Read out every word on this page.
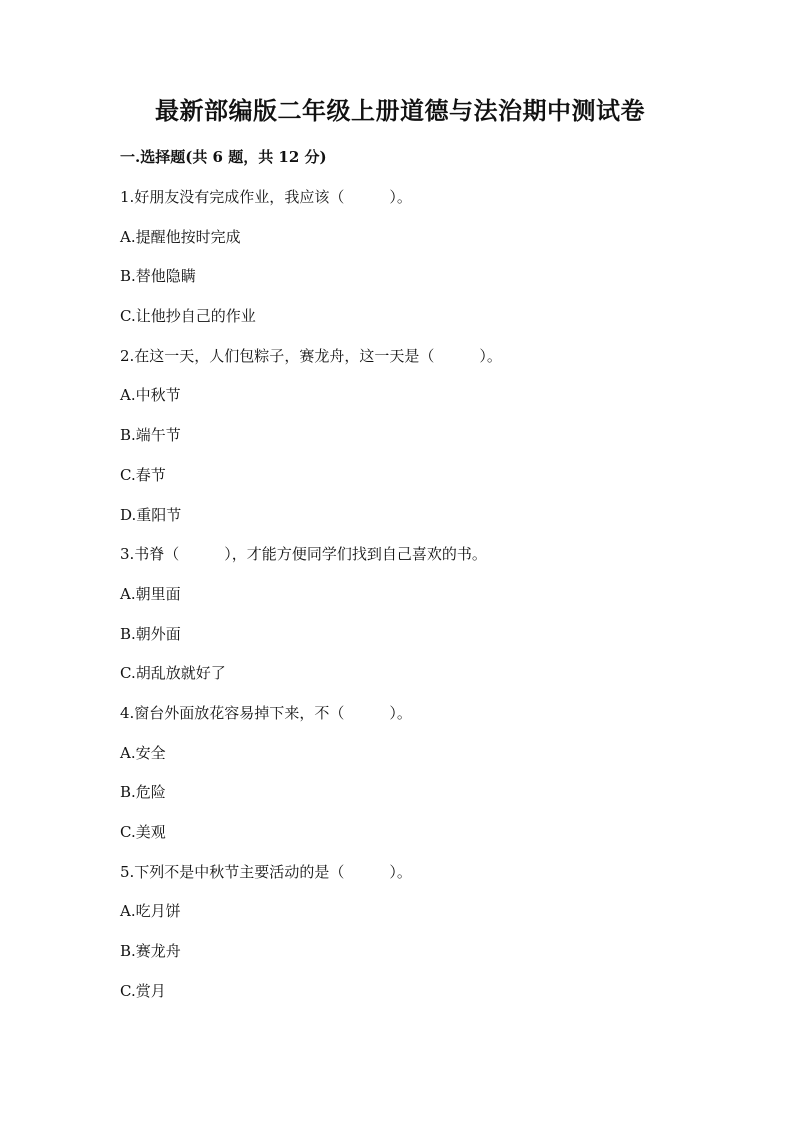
最新部编版二年级上册道德与法治期中测试卷
一.选择题(共 6 题，共 12 分)
1.好朋友没有完成作业，我应该（　　　）。
A.提醒他按时完成
B.替他隐瞒
C.让他抄自己的作业
2.在这一天，人们包粽子，赛龙舟，这一天是（　　　）。
A.中秋节
B.端午节
C.春节
D.重阳节
3.书脊（　　　），才能方便同学们找到自己喜欢的书。
A.朝里面
B.朝外面
C.胡乱放就好了
4.窗台外面放花容易掉下来，不（　　　）。
A.安全
B.危险
C.美观
5.下列不是中秋节主要活动的是（　　　）。
A.吃月饼
B.赛龙舟
C.赏月
